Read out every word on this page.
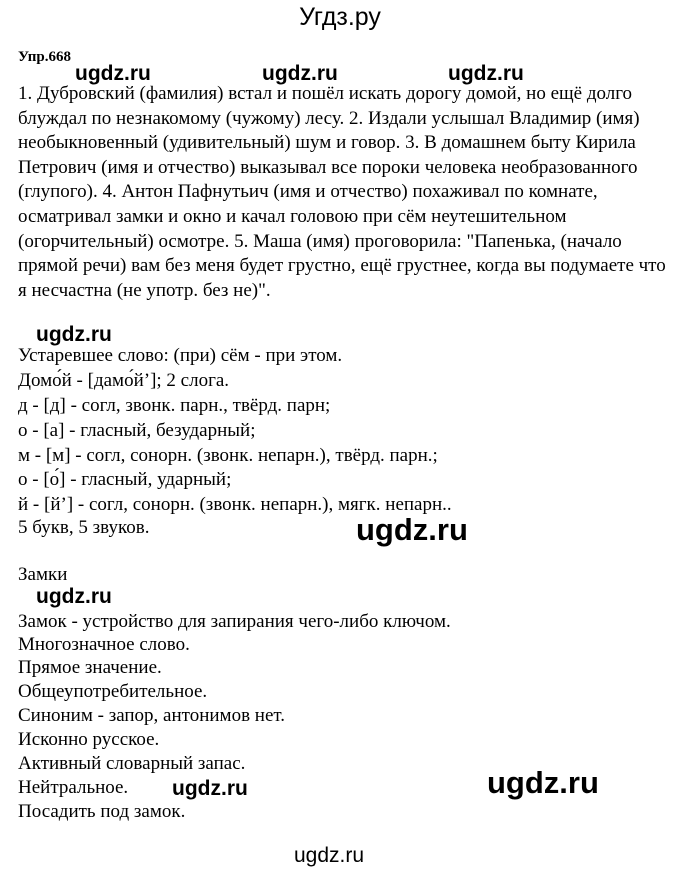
Угдз.ру
Упр.668
1. Дубровский (фамилия) встал и пошёл искать дорогу домой, но ещё долго блуждал по незнакомому (чужому) лесу. 2. Издали услышал Владимир (имя) необыкновенный (удивительный) шум и говор. 3. В домашнем быту Кирила Петрович (имя и отчество) выказывал все пороки человека необразованного (глупого). 4. Антон Пафнутьич (имя и отчество) похаживал по комнате, осматривал замки и окно и качал головою при сём неутешительном (огорчительный) осмотре. 5. Маша (имя) проговорила: "Папенька, (начало прямой речи) вам без меня будет грустно, ещё грустнее, когда вы подумаете что я несчастна (не употр. без не)".
Устаревшее слово: (при) сём - при этом.
Домо́й - [дамо́й’]; 2 слога.
д - [д] - согл, звонк. парн., твёрд. парн;
о - [а] - гласный, безударный;
м - [м] - согл, сонорн. (звонк. непарн.), твёрд. парн.;
о - [о́] - гласный, ударный;
й - [й’] - согл, сонорн. (звонк. непарн.), мягк. непарн..
5 букв, 5 звуков.
Замки
Замок - устройство для запирания чего-либо ключом.
Многозначное слово.
Прямое значение.
Общеупотребительное.
Синоним - запор, антонимов нет.
Исконно русское.
Активный словарный запас.
Нейтральное.
Посадить под замок.
ugdz.ru	ugdz.ru	ugdz.ru
ugdz.ru
ugdz.ru
ugdz.ru
ugdz.ru	ugdz.ru
ugdz.ru
